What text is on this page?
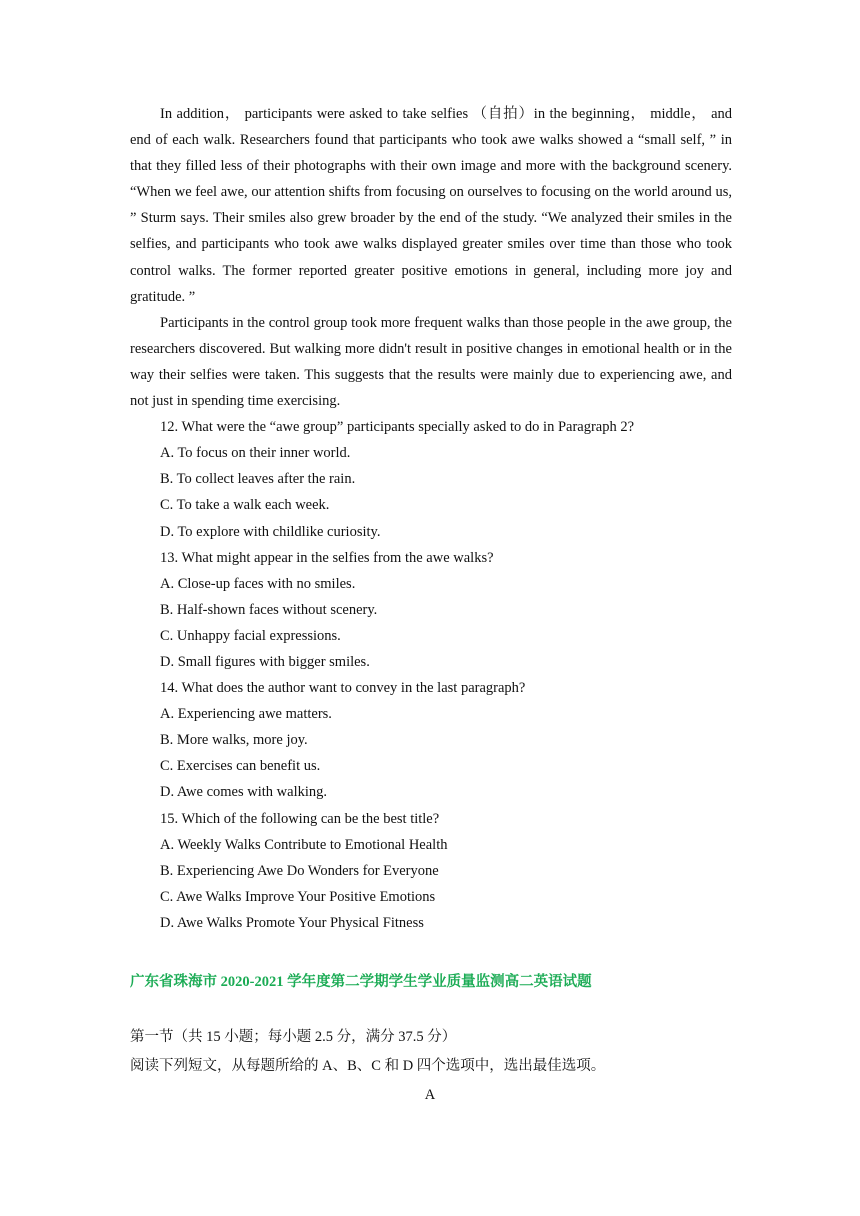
In addition， participants were asked to take selfies （自拍）in the beginning， middle， and end of each walk. Researchers found that participants who took awe walks showed a “small self, ” in that they filled less of their photographs with their own image and more with the background scenery. “When we feel awe, our attention shifts from focusing on ourselves to focusing on the world around us, ” Sturm says. Their smiles also grew broader by the end of the study. “We analyzed their smiles in the selfies, and participants who took awe walks displayed greater smiles over time than those who took control walks. The former reported greater positive emotions in general, including more joy and gratitude. ”

Participants in the control group took more frequent walks than those people in the awe group, the researchers discovered. But walking more didn't result in positive changes in emotional health or in the way their selfies were taken. This suggests that the results were mainly due to experiencing awe, and not just in spending time exercising.

12. What were the “awe group” participants specially asked to do in Paragraph 2?

A. To focus on their inner world.

B. To collect leaves after the rain.

C. To take a walk each week.

D. To explore with childlike curiosity.

13. What might appear in the selfies from the awe walks?

A. Close-up faces with no smiles.

B. Half-shown faces without scenery.

C. Unhappy facial expressions.

D. Small figures with bigger smiles.

14. What does the author want to convey in the last paragraph?

A. Experiencing awe matters.

B. More walks, more joy.

C. Exercises can benefit us.

D. Awe comes with walking.

15. Which of the following can be the best title?

A. Weekly Walks Contribute to Emotional Health

B. Experiencing Awe Do Wonders for Everyone

C. Awe Walks Improve Your Positive Emotions

D. Awe Walks Promote Your Physical Fitness

广东省珠海市 2020-2021 学年度第二学期学生学业质量监测高二英语试题
第一节（共 15 小题；每小题 2.5 分，满分 37.5 分）
阅读下列短文，从每题所给的 A、B、C 和 D 四个选项中，选出最佳选项。
A
